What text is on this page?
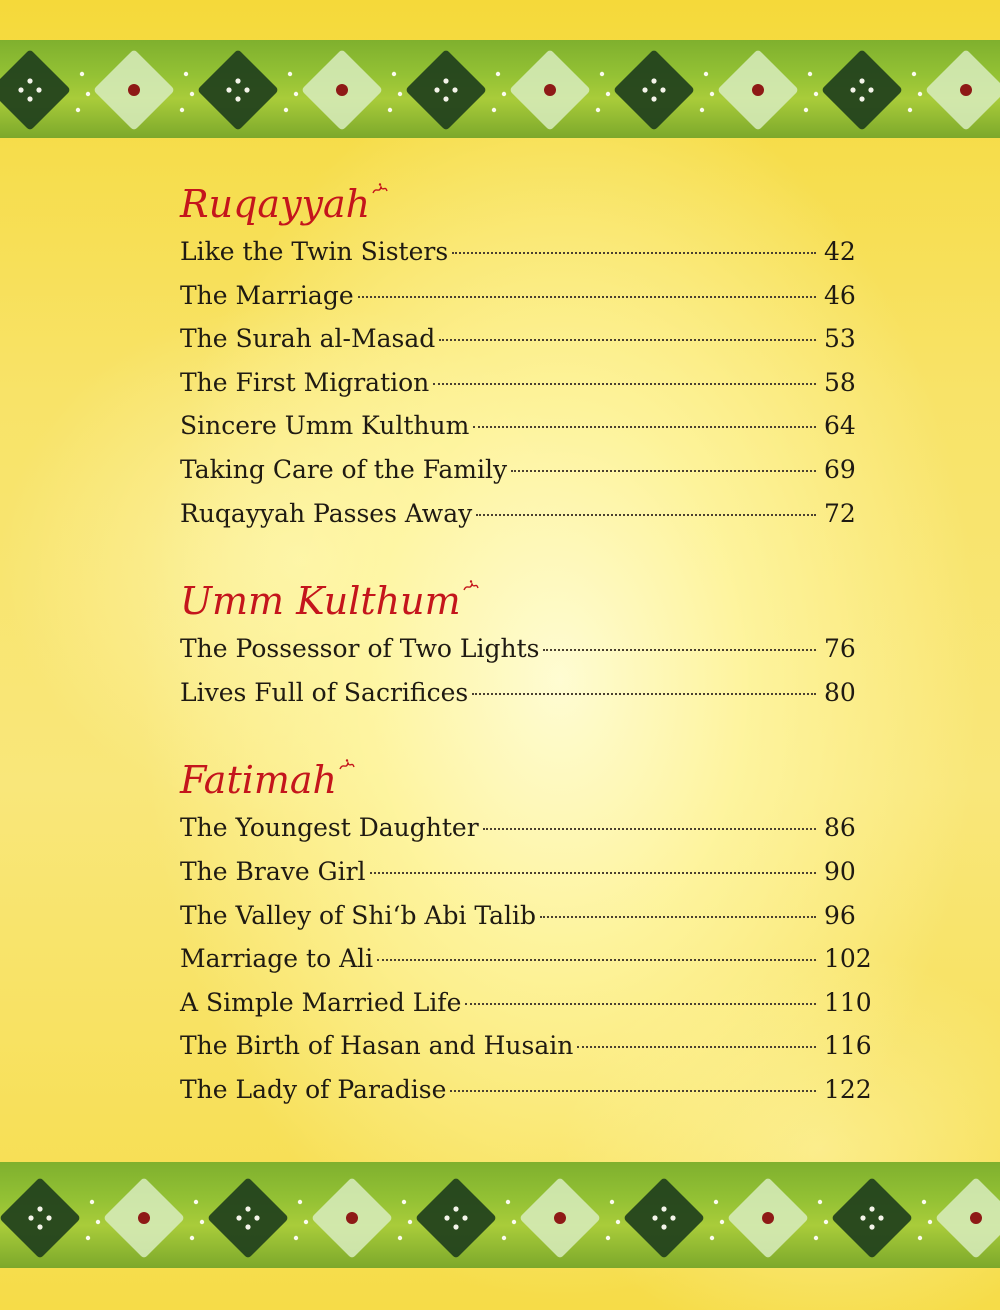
Ruqayyah
Like the Twin Sisters	42
The Marriage	46
The Surah al-Masad	53
The First Migration	58
Sincere Umm Kulthum	64
Taking Care of the Family	69
Ruqayyah Passes Away	72
Umm Kulthum
The Possessor of Two Lights	76
Lives Full of Sacrifices	80
Fatimah
The Youngest Daughter	86
The Brave Girl	90
The Valley of Shi‘b Abi Talib	96
Marriage to Ali	102
A Simple Married Life	110
The Birth of Hasan and Husain	116
The Lady of Paradise	122
